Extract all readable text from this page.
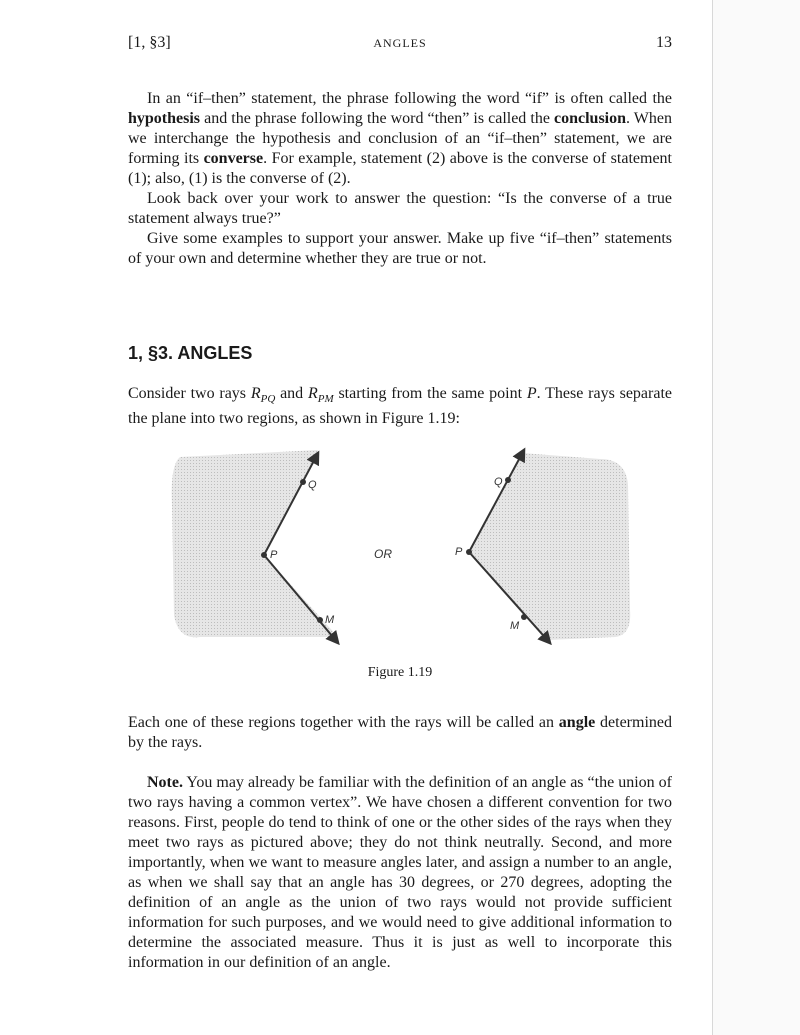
[1, §3]	ANGLES	13

In an “if–then” statement, the phrase following the word “if” is often called the hypothesis and the phrase following the word “then” is called the conclusion. When we interchange the hypothesis and conclusion of an “if–then” statement, we are forming its converse. For example, statement (2) above is the converse of statement (1); also, (1) is the converse of (2).

Look back over your work to answer the question: “Is the converse of a true statement always true?”

Give some examples to support your answer. Make up five “if–then” statements of your own and determine whether they are true or not.

1, §3. ANGLES

Consider two rays $R_{PQ}$ and $R_{PM}$ starting from the same point P. These rays separate the plane into two regions, as shown in Figure 1.19:

Q
P
M
OR
Q
P
M
Figure 1.19

Each one of these regions together with the rays will be called an angle determined by the rays.

Note. You may already be familiar with the definition of an angle as “the union of two rays having a common vertex”. We have chosen a different convention for two reasons. First, people do tend to think of one or the other sides of the rays when they meet two rays as pictured above; they do not think neutrally. Second, and more importantly, when we want to measure angles later, and assign a number to an angle, as when we shall say that an angle has 30 degrees, or 270 degrees, adopting the definition of an angle as the union of two rays would not provide sufficient information for such purposes, and we would need to give additional information to determine the associated measure. Thus it is just as well to incorporate this information in our definition of an angle.
